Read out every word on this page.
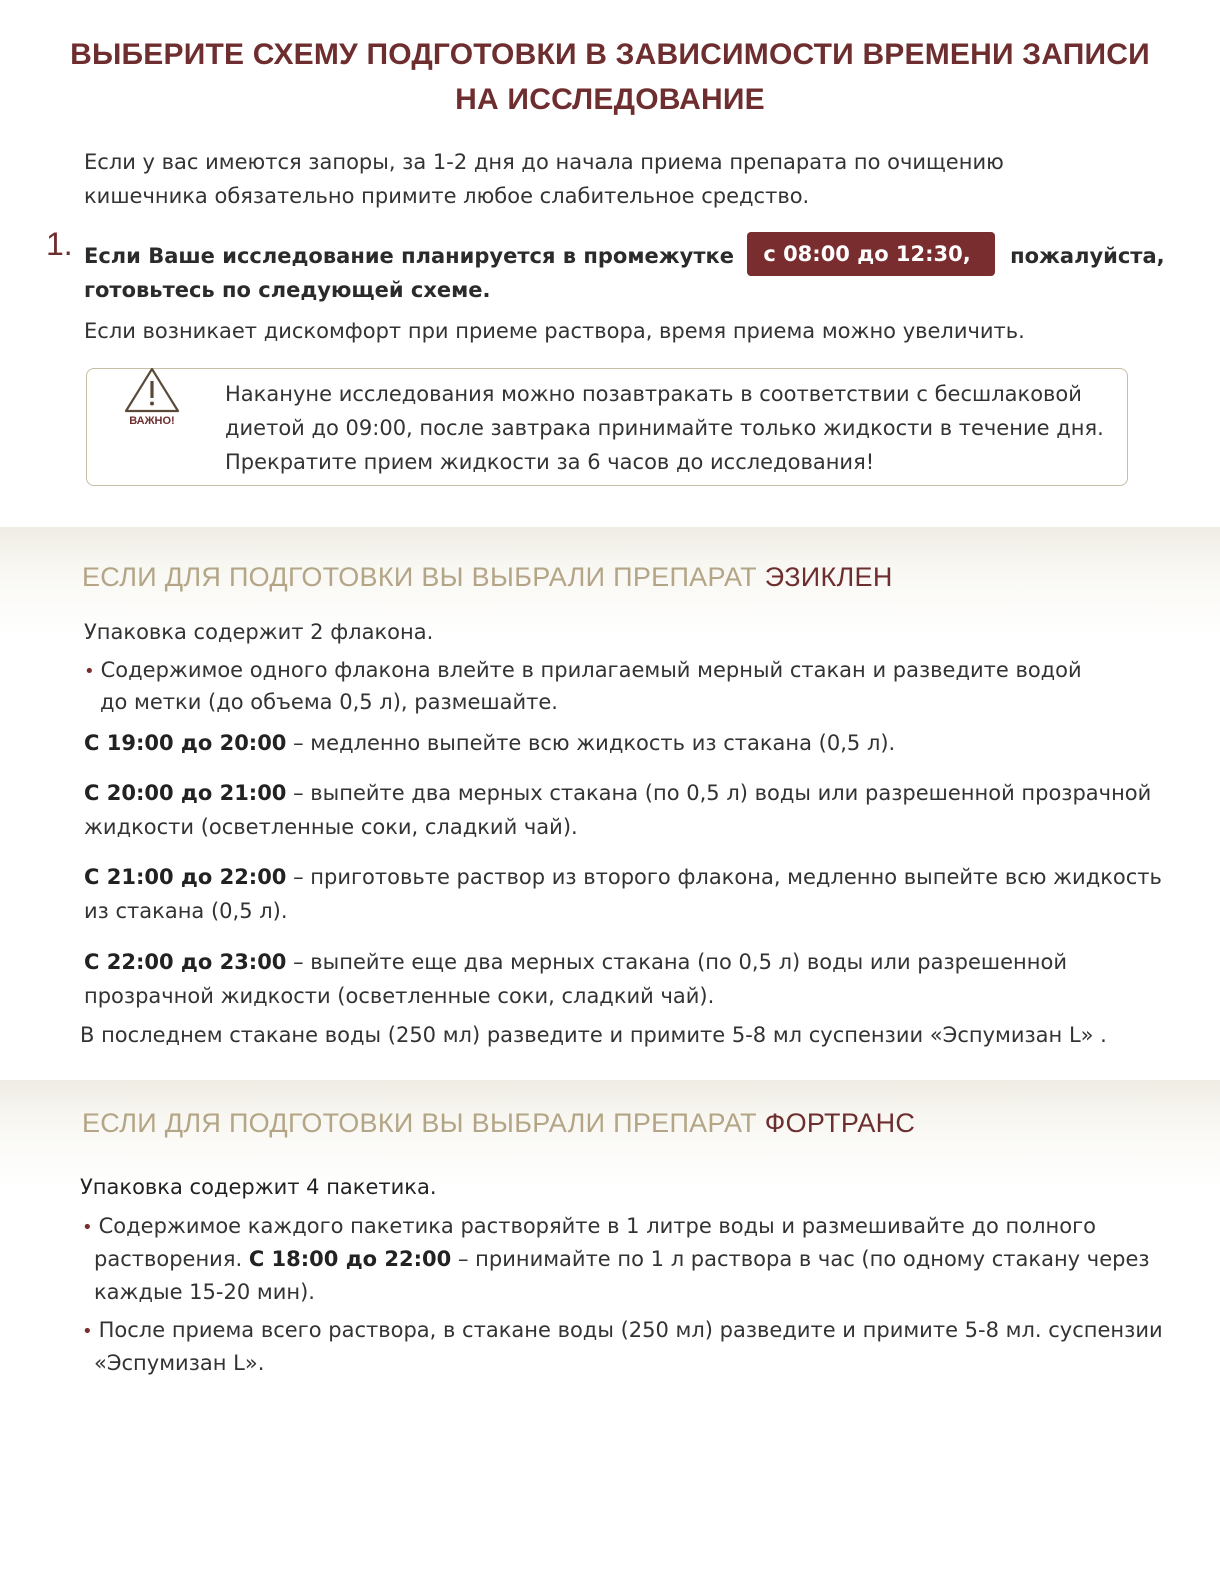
ВЫБЕРИТЕ СХЕМУ ПОДГОТОВКИ В ЗАВИСИМОСТИ ВРЕМЕНИ ЗАПИСИ
НА ИССЛЕДОВАНИЕ
Если у вас имеются запоры, за 1-2 дня до начала приема препарата по очищению кишечника обязательно примите любое слабительное средство.
1. Если Ваше исследование планируется в промежутке с 08:00 до 12:30, пожалуйста,
готовьтесь по следующей схеме.
Если возникает дискомфорт при приеме раствора, время приема можно увеличить.
ВАЖНО!
Накануне исследования можно позавтракать в соответствии с бесшлаковой диетой до 09:00, после завтрака принимайте только жидкости в течение дня. Прекратите прием жидкости за 6 часов до исследования!
ЕСЛИ ДЛЯ ПОДГОТОВКИ ВЫ ВЫБРАЛИ ПРЕПАРАТ ЭЗИКЛЕН
Упаковка содержит 2 флакона.
• Содержимое одного флакона влейте в прилагаемый мерный стакан и разведите водой
до метки (до объема 0,5 л), размешайте.
С 19:00 до 20:00 – медленно выпейте всю жидкость из стакана (0,5 л).
С 20:00 до 21:00 – выпейте два мерных стакана (по 0,5 л) воды или разрешенной прозрачной
жидкости (осветленные соки, сладкий чай).
С 21:00 до 22:00 – приготовьте раствор из второго флакона, медленно выпейте всю жидкость
из стакана (0,5 л).
С 22:00 до 23:00 – выпейте еще два мерных стакана (по 0,5 л) воды или разрешенной
прозрачной жидкости (осветленные соки, сладкий чай).
В последнем стакане воды (250 мл) разведите и примите 5-8 мл суспензии «Эспумизан L» .
ЕСЛИ ДЛЯ ПОДГОТОВКИ ВЫ ВЫБРАЛИ ПРЕПАРАТ ФОРТРАНС
Упаковка содержит 4 пакетика.
• Содержимое каждого пакетика растворяйте в 1 литре воды и размешивайте до полного
растворения. С 18:00 до 22:00 – принимайте по 1 л раствора в час (по одному стакану через
каждые 15-20 мин).
• После приема всего раствора, в стакане воды (250 мл) разведите и примите 5-8 мл. суспензии
«Эспумизан L».
